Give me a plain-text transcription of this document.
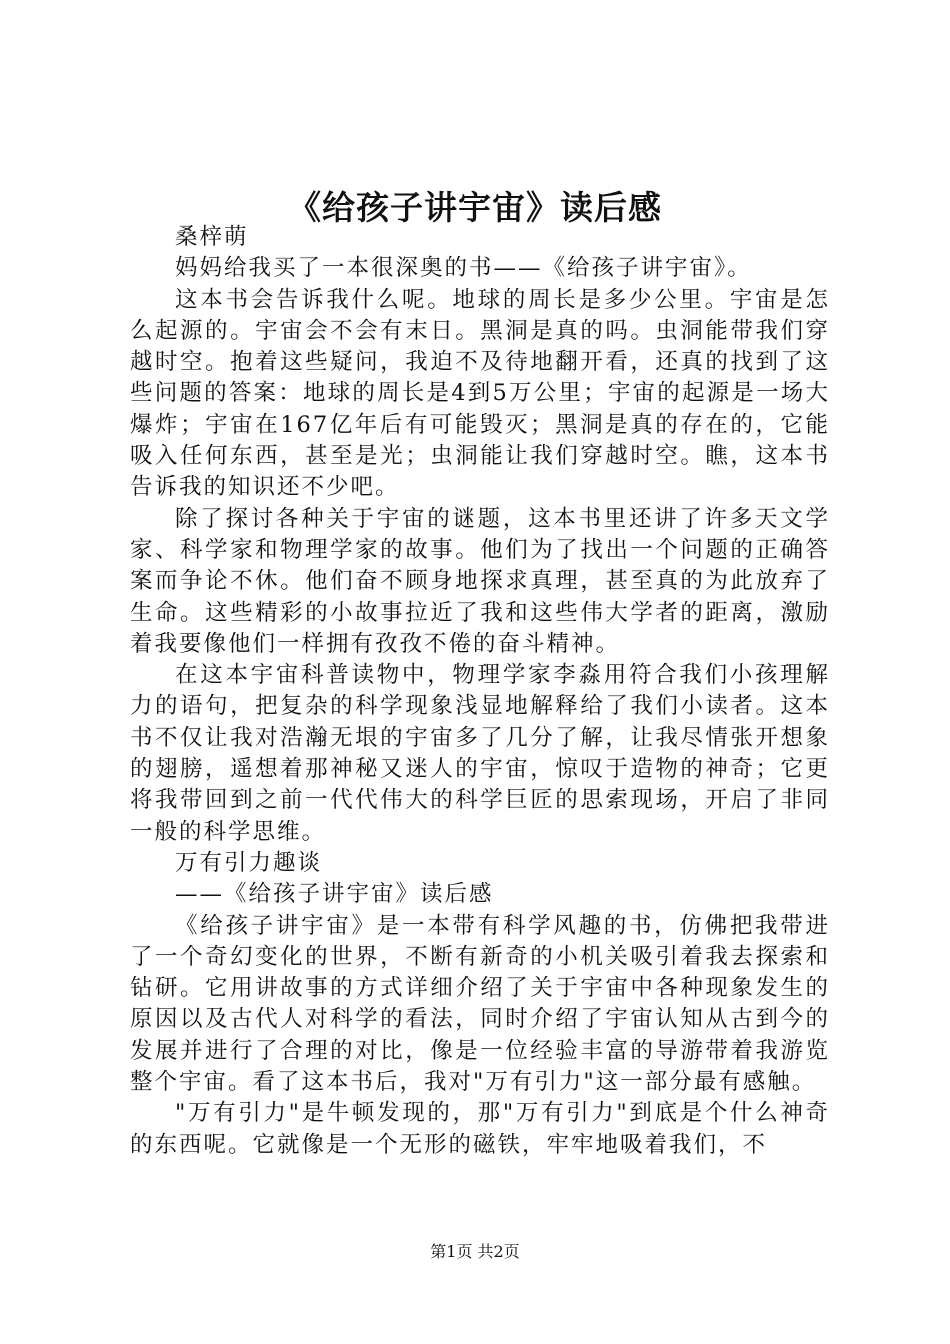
《给孩子讲宇宙》读后感

桑梓萌

妈妈给我买了一本很深奥的书——《给孩子讲宇宙》。

这本书会告诉我什么呢。地球的周长是多少公里。宇宙是怎么起源的。宇宙会不会有末日。黑洞是真的吗。虫洞能带我们穿越时空。抱着这些疑问，我迫不及待地翻开看，还真的找到了这些问题的答案：地球的周长是4到5万公里；宇宙的起源是一场大爆炸；宇宙在167亿年后有可能毁灭；黑洞是真的存在的，它能吸入任何东西，甚至是光；虫洞能让我们穿越时空。瞧，这本书告诉我的知识还不少吧。

除了探讨各种关于宇宙的谜题，这本书里还讲了许多天文学家、科学家和物理学家的故事。他们为了找出一个问题的正确答案而争论不休。他们奋不顾身地探求真理，甚至真的为此放弃了生命。这些精彩的小故事拉近了我和这些伟大学者的距离，激励着我要像他们一样拥有孜孜不倦的奋斗精神。

在这本宇宙科普读物中，物理学家李淼用符合我们小孩理解力的语句，把复杂的科学现象浅显地解释给了我们小读者。这本书不仅让我对浩瀚无垠的宇宙多了几分了解，让我尽情张开想象的翅膀，遥想着那神秘又迷人的宇宙，惊叹于造物的神奇；它更将我带回到之前一代代伟大的科学巨匠的思索现场，开启了非同一般的科学思维。

万有引力趣谈

——《给孩子讲宇宙》读后感

《给孩子讲宇宙》是一本带有科学风趣的书，仿佛把我带进了一个奇幻变化的世界，不断有新奇的小机关吸引着我去探索和钻研。它用讲故事的方式详细介绍了关于宇宙中各种现象发生的原因以及古代人对科学的看法，同时介绍了宇宙认知从古到今的发展并进行了合理的对比，像是一位经验丰富的导游带着我游览整个宇宙。看了这本书后，我对"万有引力"这一部分最有感触。

"万有引力"是牛顿发现的，那"万有引力"到底是个什么神奇的东西呢。它就像是一个无形的磁铁，牢牢地吸着我们，不

第1页 共2页
